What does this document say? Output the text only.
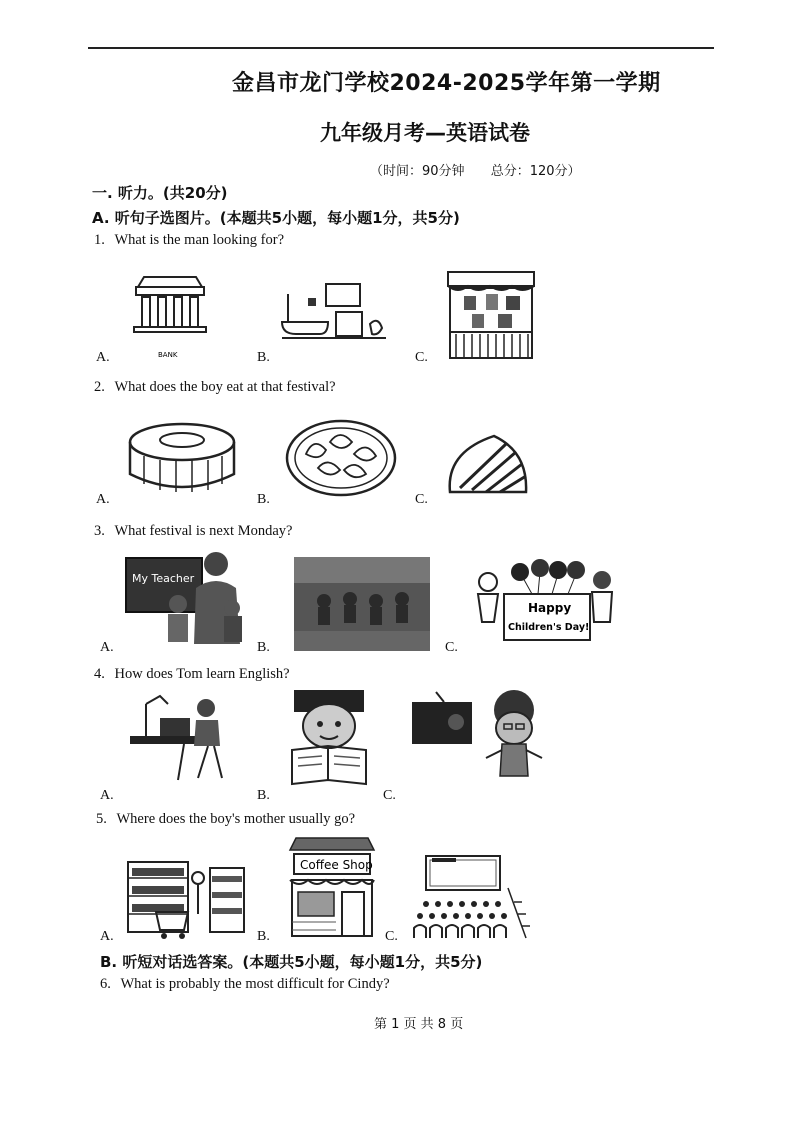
金昌市龙门学校2024-2025学年第一学期
九年级月考—英语试卷
（时间：90分钟 总分：120分）
一. 听力。(共20分)
A. 听句子选图片。(本题共5小题，每小题1分，共5分)
1. What is the man looking for?
A.	B.	C.
BANK
2. What does the boy eat at that festival?
A.	B.	C.
3. What festival is next Monday?
A.	B.	C.
My Teacher
Happy
Children's Day!
4. How does Tom learn English?
A.	B.	C.
5. Where does the boy's mother usually go?
A.	B.	C.
Coffee Shop
B. 听短对话选答案。(本题共5小题，每小题1分，共5分)
6. What is probably the most difficult for Cindy?
第 1 页 共 8 页
